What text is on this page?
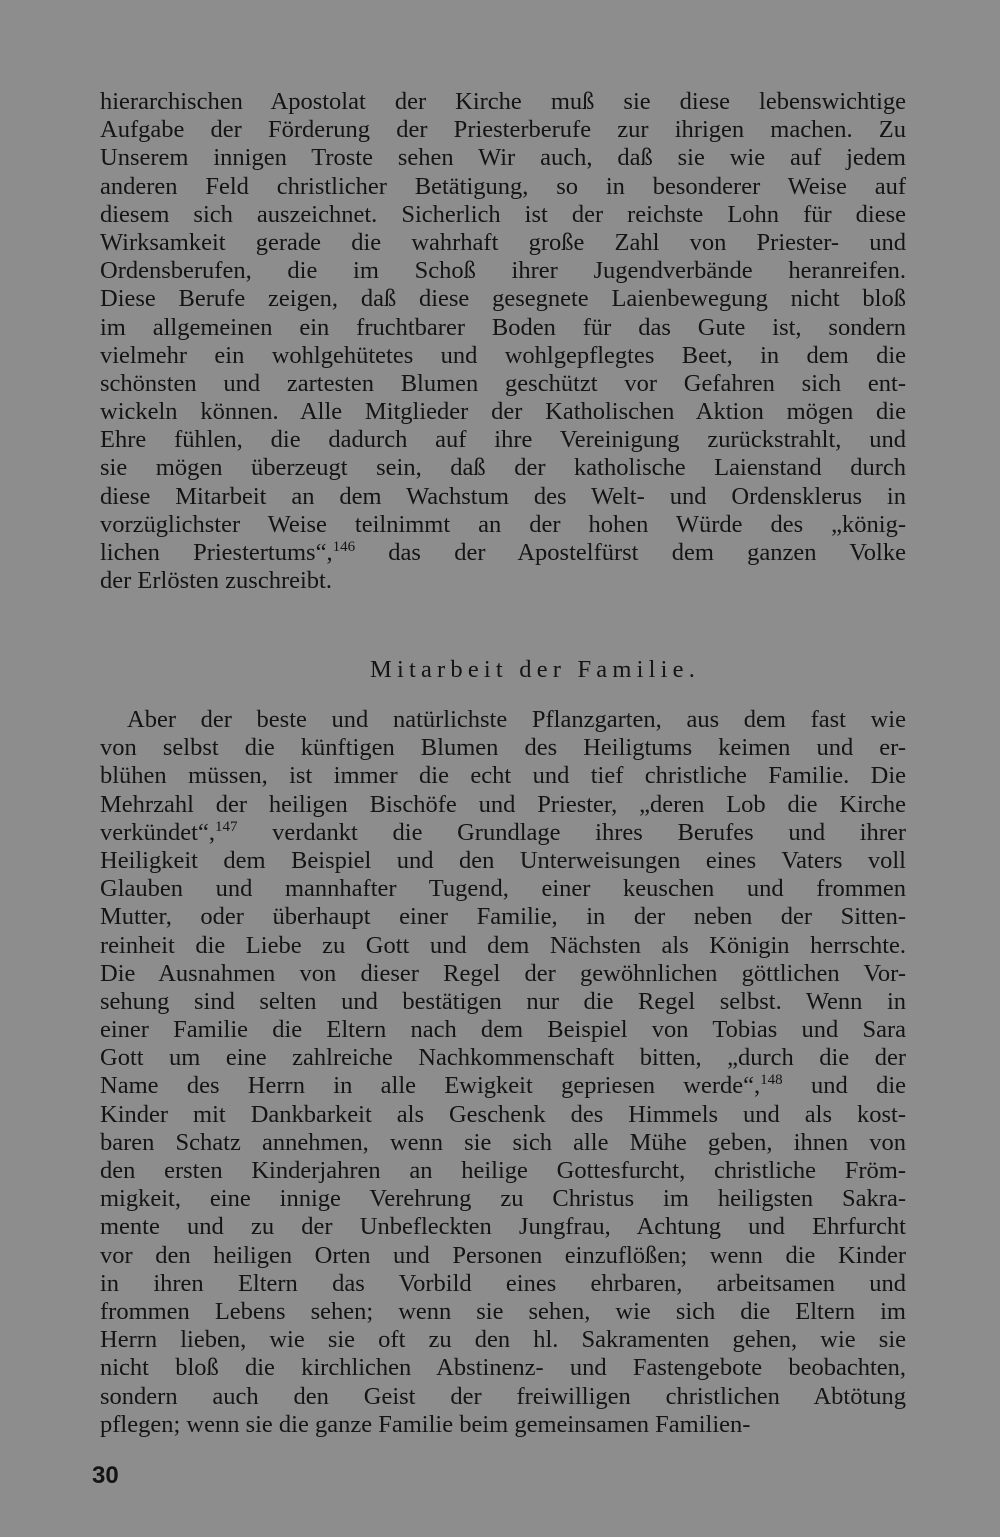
hierarchischen Apostolat der Kirche muß sie diese lebenswichtige
Aufgabe der Förderung der Priesterberufe zur ihrigen machen. Zu
Unserem innigen Troste sehen Wir auch, daß sie wie auf jedem
anderen Feld christlicher Betätigung, so in besonderer Weise auf
diesem sich auszeichnet. Sicherlich ist der reichste Lohn für diese
Wirksamkeit gerade die wahrhaft große Zahl von Priester- und
Ordensberufen, die im Schoß ihrer Jugendverbände heranreifen.
Diese Berufe zeigen, daß diese gesegnete Laienbewegung nicht bloß
im allgemeinen ein fruchtbarer Boden für das Gute ist, sondern
vielmehr ein wohlgehütetes und wohlgepflegtes Beet, in dem die
schönsten und zartesten Blumen geschützt vor Gefahren sich ent-
wickeln können. Alle Mitglieder der Katholischen Aktion mögen die
Ehre fühlen, die dadurch auf ihre Vereinigung zurückstrahlt, und
sie mögen überzeugt sein, daß der katholische Laienstand durch
diese Mitarbeit an dem Wachstum des Welt- und Ordensklerus in
vorzüglichster Weise teilnimmt an der hohen Würde des „könig-
lichen Priestertums“,$^{146}$ das der Apostelfürst dem ganzen Volke
der Erlösten zuschreibt.
Mitarbeit der Familie.
Aber der beste und natürlichste Pflanzgarten, aus dem fast wie
von selbst die künftigen Blumen des Heiligtums keimen und er-
blühen müssen, ist immer die echt und tief christliche Familie. Die
Mehrzahl der heiligen Bischöfe und Priester, „deren Lob die Kirche
verkündet“,$^{147}$ verdankt die Grundlage ihres Berufes und ihrer
Heiligkeit dem Beispiel und den Unterweisungen eines Vaters voll
Glauben und mannhafter Tugend, einer keuschen und frommen
Mutter, oder überhaupt einer Familie, in der neben der Sitten-
reinheit die Liebe zu Gott und dem Nächsten als Königin herrschte.
Die Ausnahmen von dieser Regel der gewöhnlichen göttlichen Vor-
sehung sind selten und bestätigen nur die Regel selbst. Wenn in
einer Familie die Eltern nach dem Beispiel von Tobias und Sara
Gott um eine zahlreiche Nachkommenschaft bitten, „durch die der
Name des Herrn in alle Ewigkeit gepriesen werde“,$^{148}$ und die
Kinder mit Dankbarkeit als Geschenk des Himmels und als kost-
baren Schatz annehmen, wenn sie sich alle Mühe geben, ihnen von
den ersten Kinderjahren an heilige Gottesfurcht, christliche Fröm-
migkeit, eine innige Verehrung zu Christus im heiligsten Sakra-
mente und zu der Unbefleckten Jungfrau, Achtung und Ehrfurcht
vor den heiligen Orten und Personen einzuflößen; wenn die Kinder
in ihren Eltern das Vorbild eines ehrbaren, arbeitsamen und
frommen Lebens sehen; wenn sie sehen, wie sich die Eltern im
Herrn lieben, wie sie oft zu den hl. Sakramenten gehen, wie sie
nicht bloß die kirchlichen Abstinenz- und Fastengebote beobachten,
sondern auch den Geist der freiwilligen christlichen Abtötung
pflegen; wenn sie die ganze Familie beim gemeinsamen Familien-
30
